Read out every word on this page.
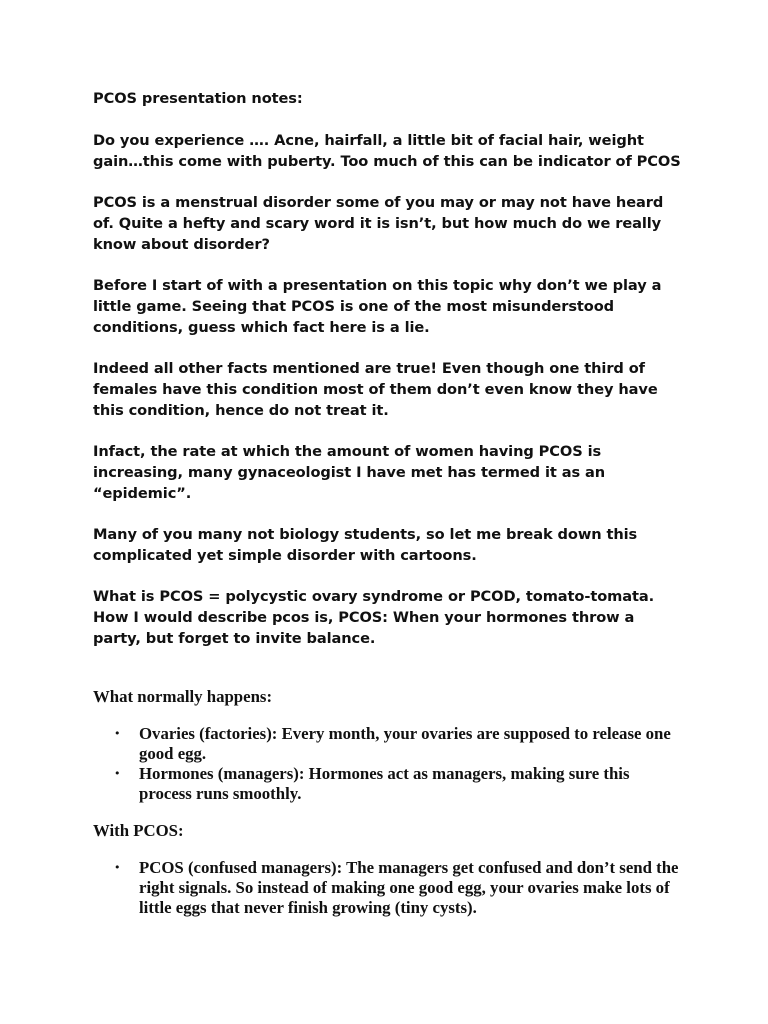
PCOS presentation notes:

Do you experience …. Acne, hairfall, a little bit of facial hair, weight gain…this come with puberty. Too much of this can be indicator of PCOS

PCOS is a menstrual disorder some of you may or may not have heard of. Quite a hefty and scary word it is isn’t, but how much do we really know about disorder?

Before I start of with a presentation on this topic why don’t we play a little game. Seeing that PCOS is one of the most misunderstood conditions, guess which fact here is a lie.

Indeed all other facts mentioned are true! Even though one third of females have this condition most of them don’t even know they have this condition, hence do not treat it.

Infact, the rate at which the amount of women having PCOS is increasing, many gynaceologist I have met has termed it as an “epidemic”.

Many of you many not biology students, so let me break down this complicated yet simple disorder with cartoons.

What is PCOS = polycystic ovary syndrome or PCOD, tomato-tomata. How I would describe pcos is, PCOS: When your hormones throw a party, but forget to invite balance.

What normally happens:

• Ovaries (factories): Every month, your ovaries are supposed to release one good egg.
• Hormones (managers): Hormones act as managers, making sure this process runs smoothly.

With PCOS:

• PCOS (confused managers): The managers get confused and don’t send the right signals. So instead of making one good egg, your ovaries make lots of little eggs that never finish growing (tiny cysts).
